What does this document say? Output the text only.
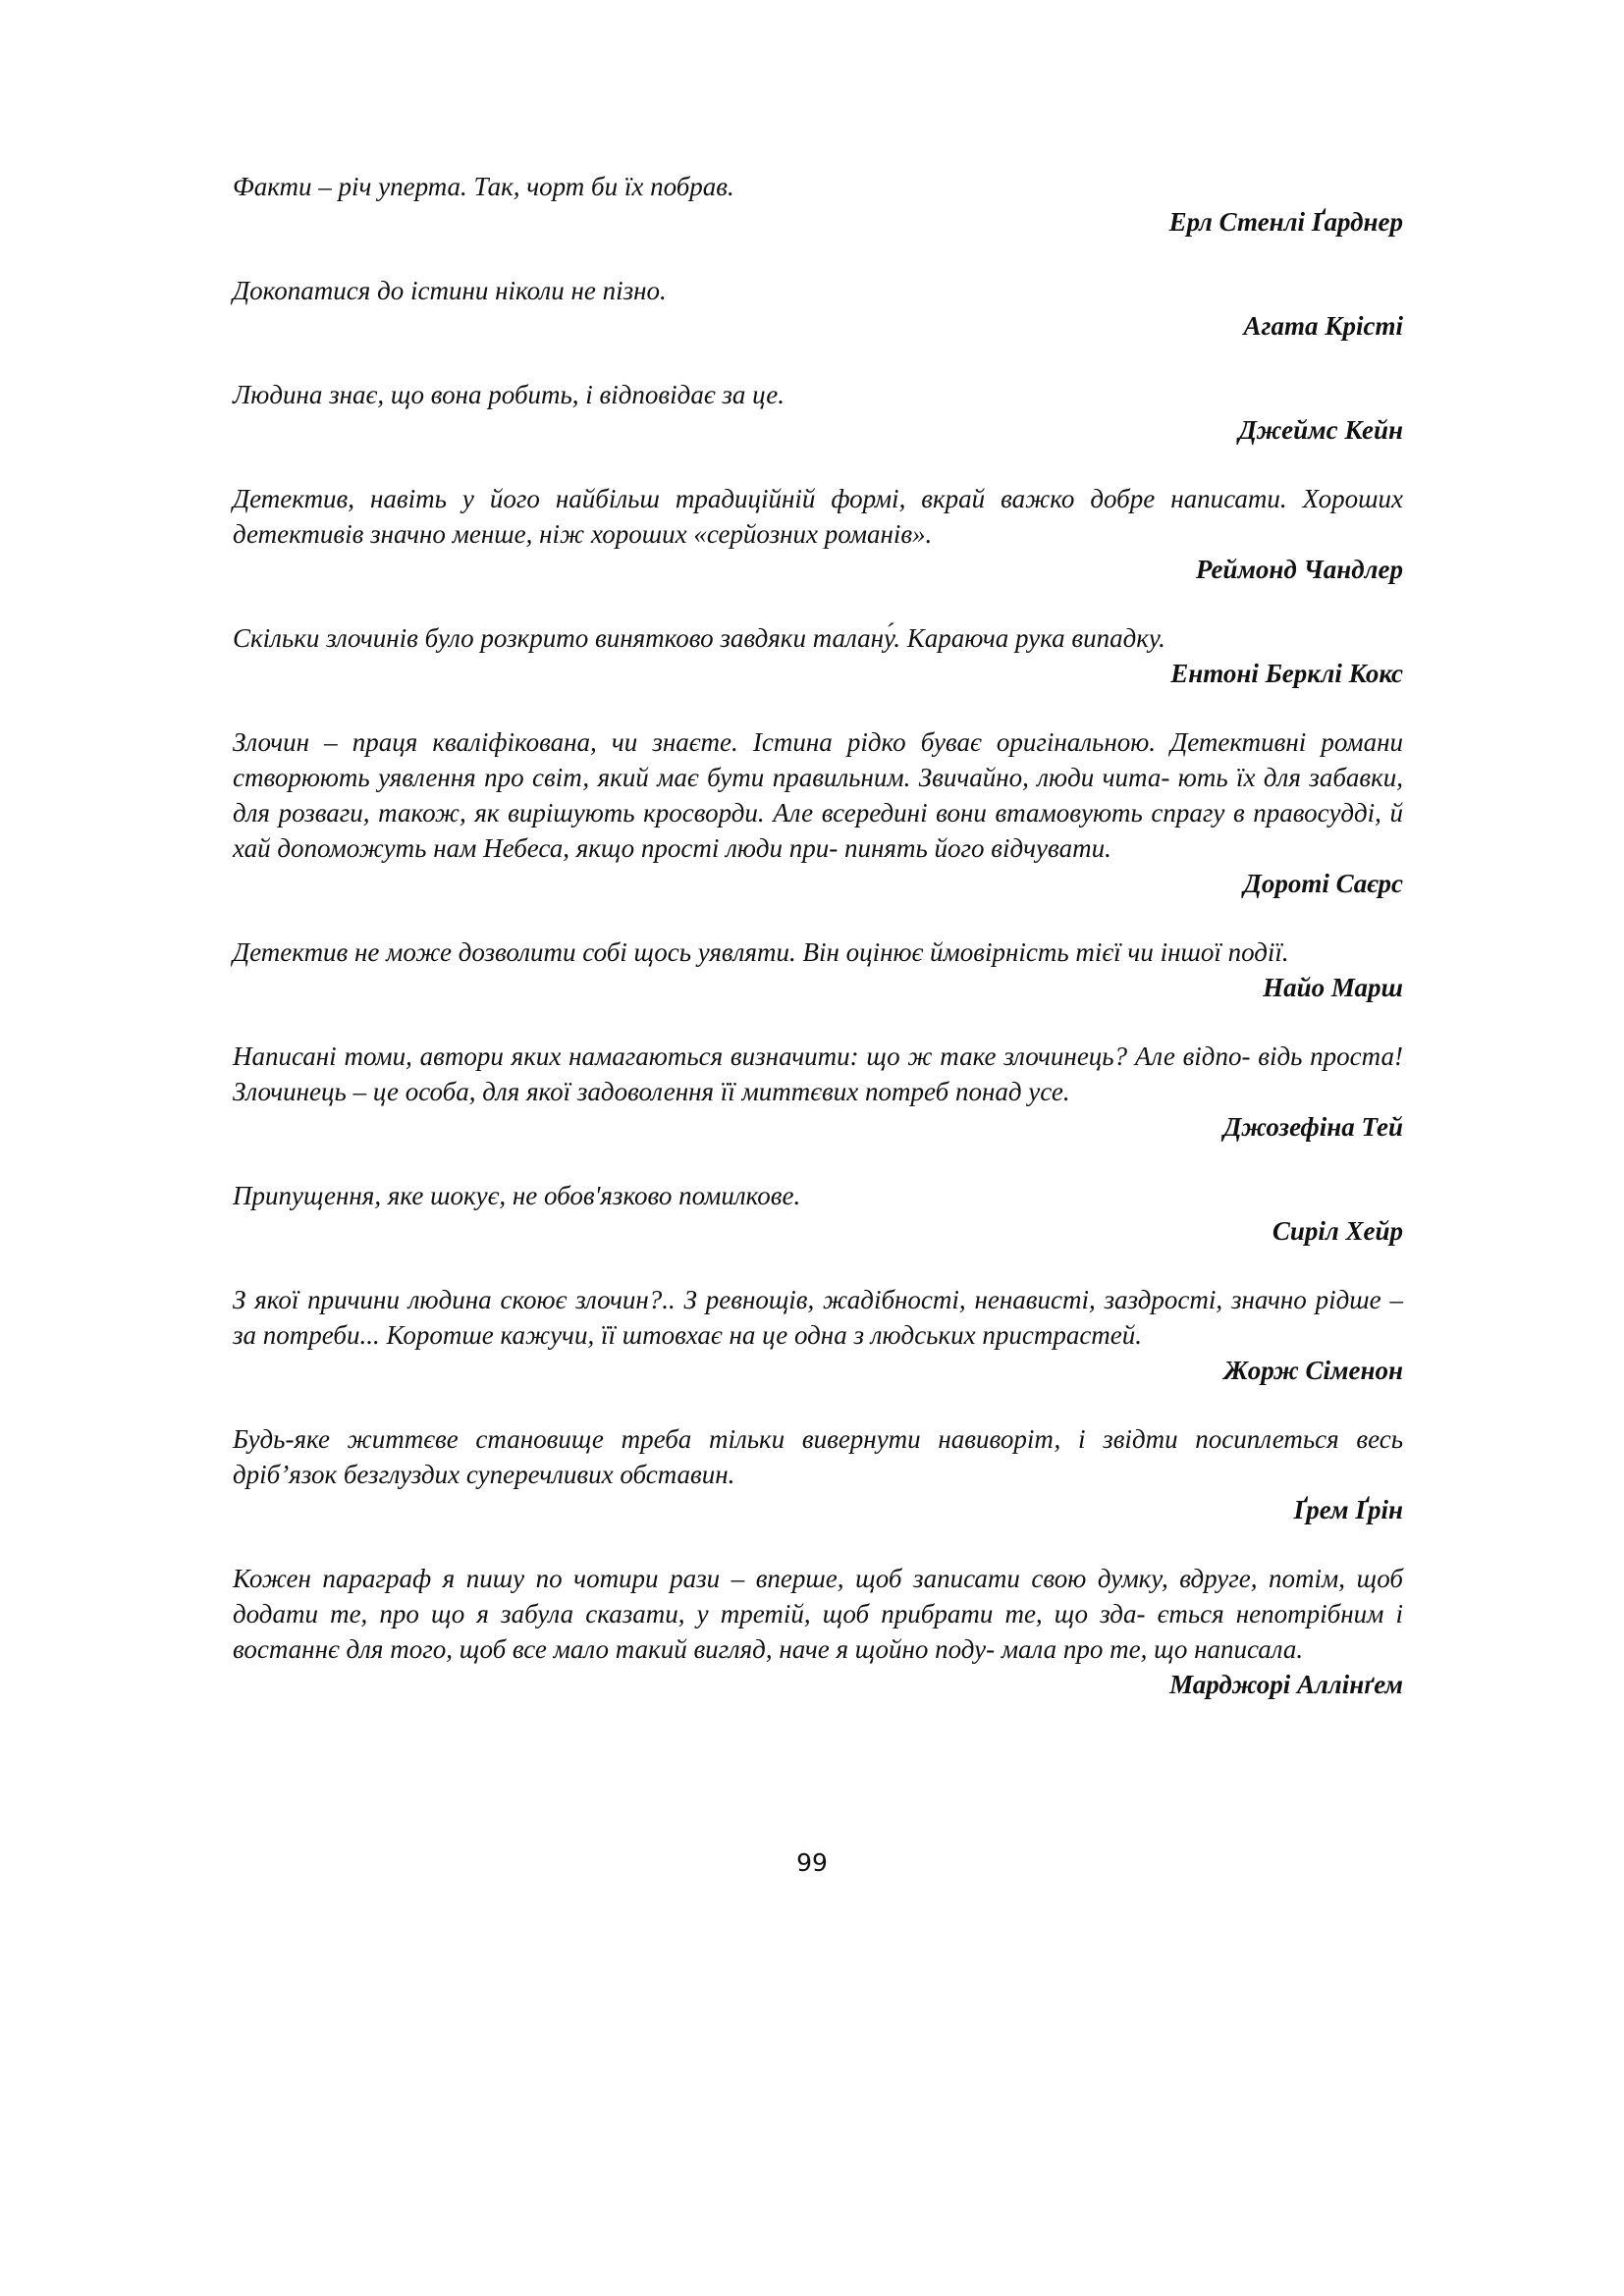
Факти – річ уперта. Так, чорт би їх побрав.

Ерл Стенлі Ґарднер

Докопатися до істини ніколи не пізно.

Агата Крісті

Людина знає, що вона робить, і відповідає за це.

Джеймс Кейн

Детектив, навіть у його найбільш традиційній формі, вкрай важко добре написати. Хороших детективів значно менше, ніж хороших «серйозних романів».

Реймонд Чандлер

Скільки злочинів було розкрито винятково завдяки талану́. Караюча рука випадку.

Ентоні Берклі Кокс

Злочин – праця кваліфікована, чи знаєте. Істина рідко буває оригінальною. Детективні романи створюють уявлення про світ, який має бути правильним. Звичайно, люди чита- ють їх для забавки, для розваги, також, як вирішують кросворди. Але всередині вони втамовують спрагу в правосудді, й хай допоможуть нам Небеса, якщо прості люди при- пинять його відчувати.

Дороті Саєрс

Детектив не може дозволити собі щось уявляти. Він оцінює ймовірність тієї чи іншої події.

Найо Марш

Написані томи, автори яких намагаються визначити: що ж таке злочинець? Але відпо- відь проста! Злочинець – це особа, для якої задоволення її миттєвих потреб понад усе.

Джозефіна Тей

Припущення, яке шокує, не обов'язково помилкове.

Сиріл Хейр

З якої причини людина скоює злочин?.. З ревнощів, жадібності, ненависті, заздрості, значно рідше – за потреби... Коротше кажучи, її штовхає на це одна з людських пристрастей.

Жорж Сіменон

Будь-яке життєве становище треба тільки вивернути навиворіт, і звідти посиплеться весь дріб’язок безглуздих суперечливих обставин.

Ґрем Ґрін

Кожен параграф я пишу по чотири рази – вперше, щоб записати свою думку, вдруге, потім, щоб додати те, про що я забула сказати, у третій, щоб прибрати те, що зда- ється непотрібним і востаннє для того, щоб все мало такий вигляд, наче я щойно поду- мала про те, що написала.

Марджорі Аллінґем

99
